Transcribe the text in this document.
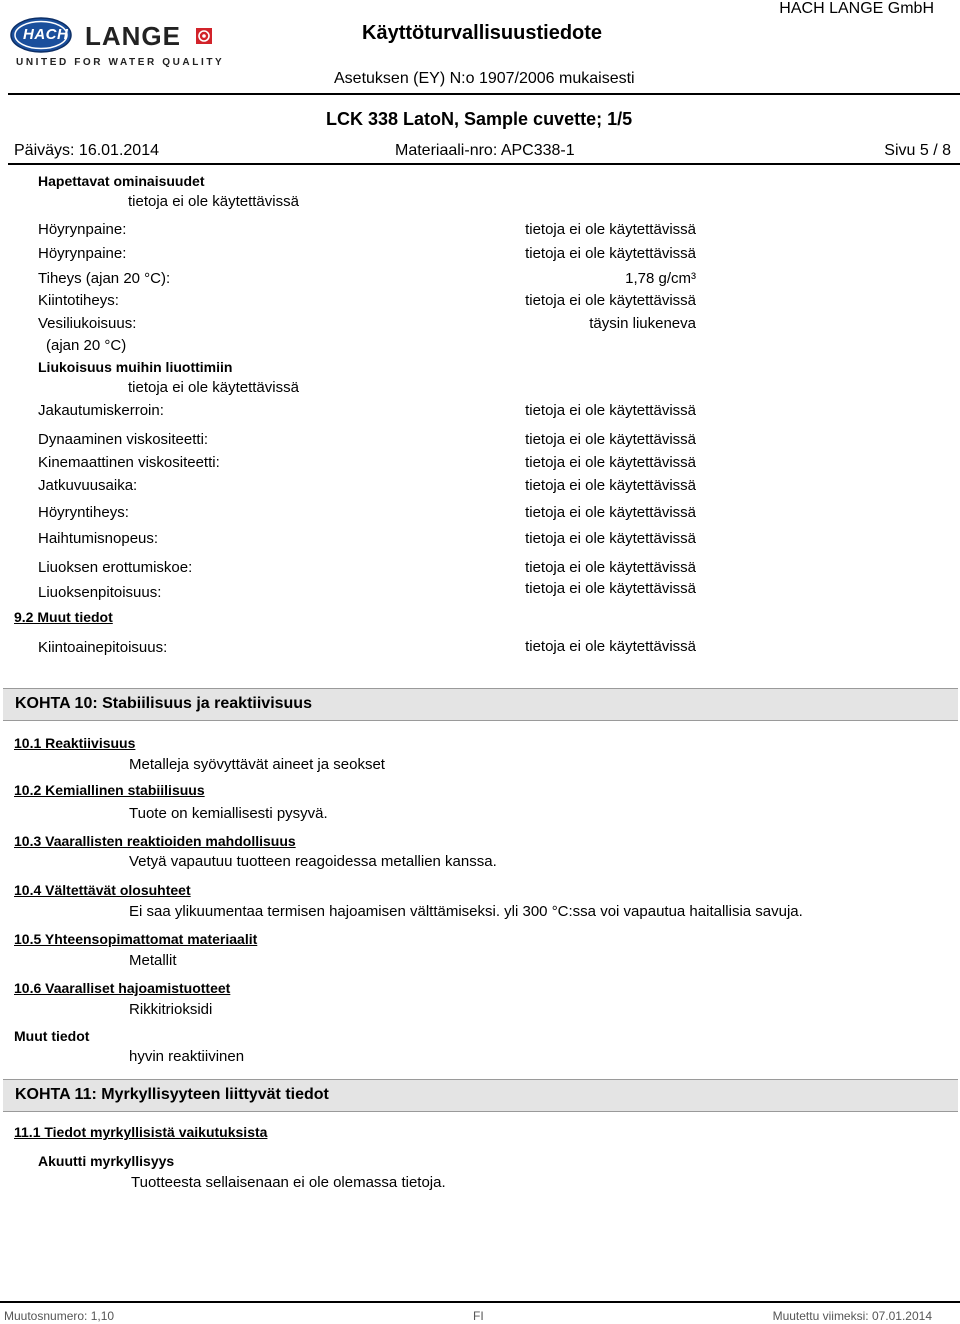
HACH LANGE
UNITED FOR WATER QUALITY
Käyttöturvallisuustiedote
HACH LANGE GmbH
Asetuksen (EY) N:o 1907/2006 mukaisesti
LCK 338 LatoN, Sample cuvette; 1/5
Päiväys: 16.01.2014	Materiaali-nro: APC338-1	Sivu 5 / 8
Hapettavat ominaisuudet
tietoja ei ole käytettävissä
Höyrynpaine:	tietoja ei ole käytettävissä
Höyrynpaine:	tietoja ei ole käytettävissä
Tiheys (ajan 20 °C):	1,78 g/cm³
Kiintotiheys:	tietoja ei ole käytettävissä
Vesiliukoisuus:	täysin liukeneva
(ajan 20 °C)
Liukoisuus muihin liuottimiin
tietoja ei ole käytettävissä
Jakautumiskerroin:	tietoja ei ole käytettävissä
Dynaaminen viskositeetti:	tietoja ei ole käytettävissä
Kinemaattinen viskositeetti:	tietoja ei ole käytettävissä
Jatkuvuusaika:	tietoja ei ole käytettävissä
Höyryntiheys:	tietoja ei ole käytettävissä
Haihtumisnopeus:	tietoja ei ole käytettävissä
Liuoksen erottumiskoe:	tietoja ei ole käytettävissä
Liuoksenpitoisuus:	tietoja ei ole käytettävissä
9.2 Muut tiedot
Kiintoainepitoisuus:	tietoja ei ole käytettävissä
KOHTA 10: Stabiilisuus ja reaktiivisuus
10.1 Reaktiivisuus
Metalleja syövyttävät aineet ja seokset
10.2 Kemiallinen stabiilisuus
Tuote on kemiallisesti pysyvä.
10.3 Vaarallisten reaktioiden mahdollisuus
Vetyä vapautuu tuotteen reagoidessa metallien kanssa.
10.4 Vältettävät olosuhteet
Ei saa ylikuumentaa termisen hajoamisen välttämiseksi. yli 300 °C:ssa voi vapautua haitallisia savuja.
10.5 Yhteensopimattomat materiaalit
Metallit
10.6 Vaaralliset hajoamistuotteet
Rikkitrioksidi
Muut tiedot
hyvin reaktiivinen
KOHTA 11: Myrkyllisyyteen liittyvät tiedot
11.1 Tiedot myrkyllisistä vaikutuksista
Akuutti myrkyllisyys
Tuotteesta sellaisenaan ei ole olemassa tietoja.
Muutosnumero: 1,10	FI	Muutettu viimeksi: 07.01.2014
